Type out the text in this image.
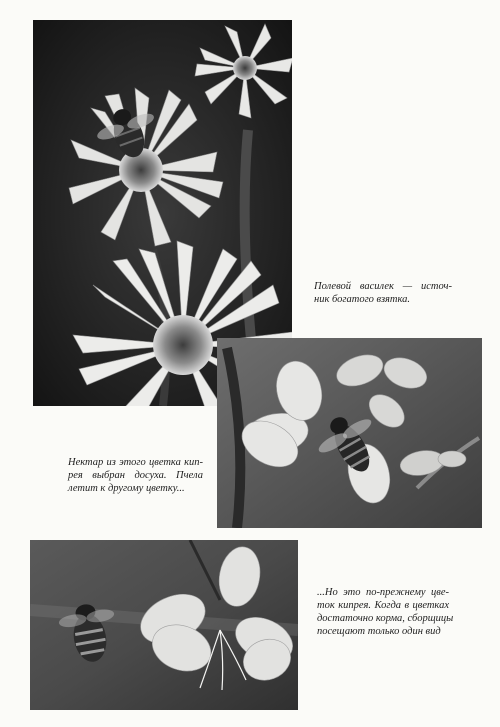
Полевой василек — источ-
ник богатого взятка.
Нектар из этого цветка кип-
рея выбран досуха. Пчела
летит к другому цветку...
...Но это по-прежнему цвe-
ток кипрея. Когда в цветках
достаточно корма, сборщицы
посещают только один вид
